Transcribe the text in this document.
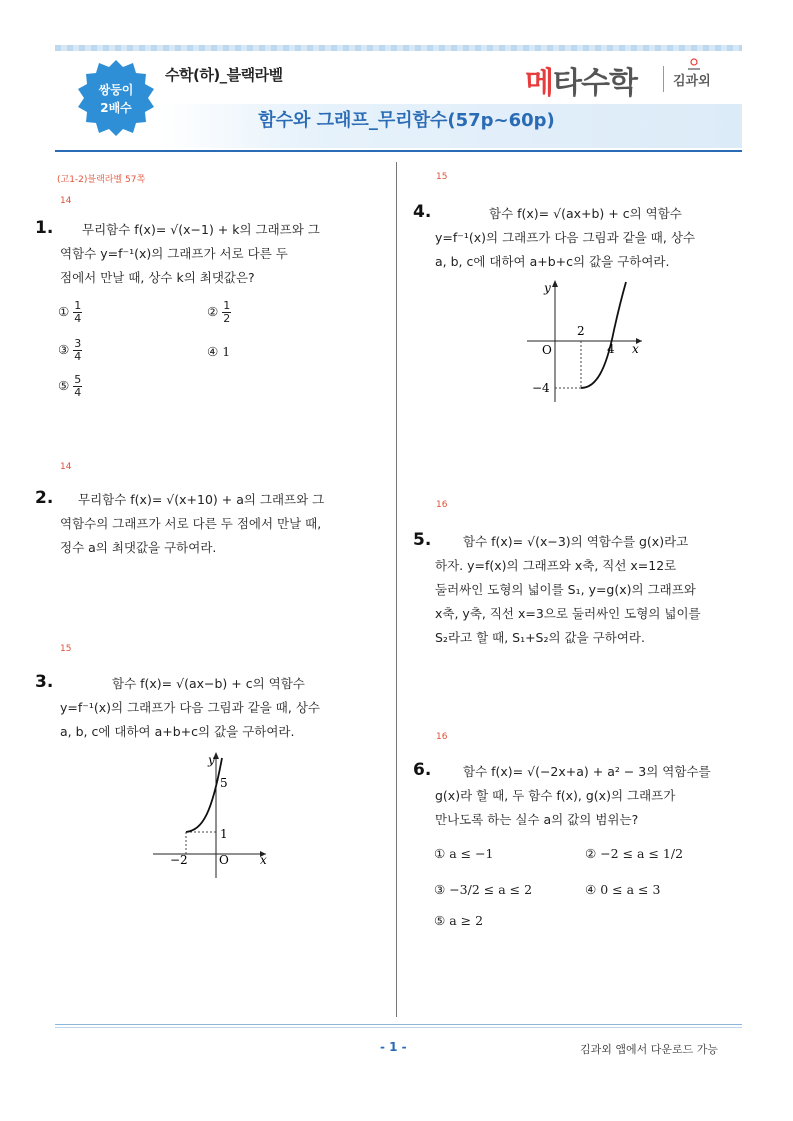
쌍둥이
2배수
수학(하)_블랙라벨	메타수학	김과외
함수와 그래프_무리함수(57p~60p)
(고1-2)블랙라벨 57쪽
14
1.	무리함수 f(x)= √(x−1) + k의 그래프와 그
역함수 y=f⁻¹(x)의 그래프가 서로 다른 두
점에서 만날 때, 상수 k의 최댓값은?
① $\frac{1}{4}$	② $\frac{1}{2}$
③ $\frac{3}{4}$	④ 1
⑤ $\frac{5}{4}$
14
2.	무리함수 f(x)= √(x+10) + a의 그래프와 그
역함수의 그래프가 서로 다른 두 점에서 만날 때,
정수 a의 최댓값을 구하여라.
15
3.	함수 f(x)= √(ax−b) + c의 역함수
y=f⁻¹(x)의 그래프가 다음 그림과 같을 때, 상수
a, b, c에 대하여 a+b+c의 값을 구하여라.
y
x
O
5
1
−2
15
4.	함수 f(x)= √(ax+b) + c의 역함수
y=f⁻¹(x)의 그래프가 다음 그림과 같을 때, 상수
a, b, c에 대하여 a+b+c의 값을 구하여라.
y
x
O
2
4
−4
16
5.	함수 f(x)= √(x−3)의 역함수를 g(x)라고
하자. y=f(x)의 그래프와 x축, 직선 x=12로
둘러싸인 도형의 넓이를 S₁, y=g(x)의 그래프와
x축, y축, 직선 x=3으로 둘러싸인 도형의 넓이를
S₂라고 할 때, S₁+S₂의 값을 구하여라.
16
6.	함수 f(x)= √(−2x+a) + a² − 3의 역함수를
g(x)라 할 때, 두 함수 f(x), g(x)의 그래프가
만나도록 하는 실수 a의 값의 범위는?
① a ≤ −1	② −2 ≤ a ≤ 1/2
③ −3/2 ≤ a ≤ 2	④ 0 ≤ a ≤ 3
⑤ a ≥ 2
- 1 -	김과외 앱에서 다운로드 가능
